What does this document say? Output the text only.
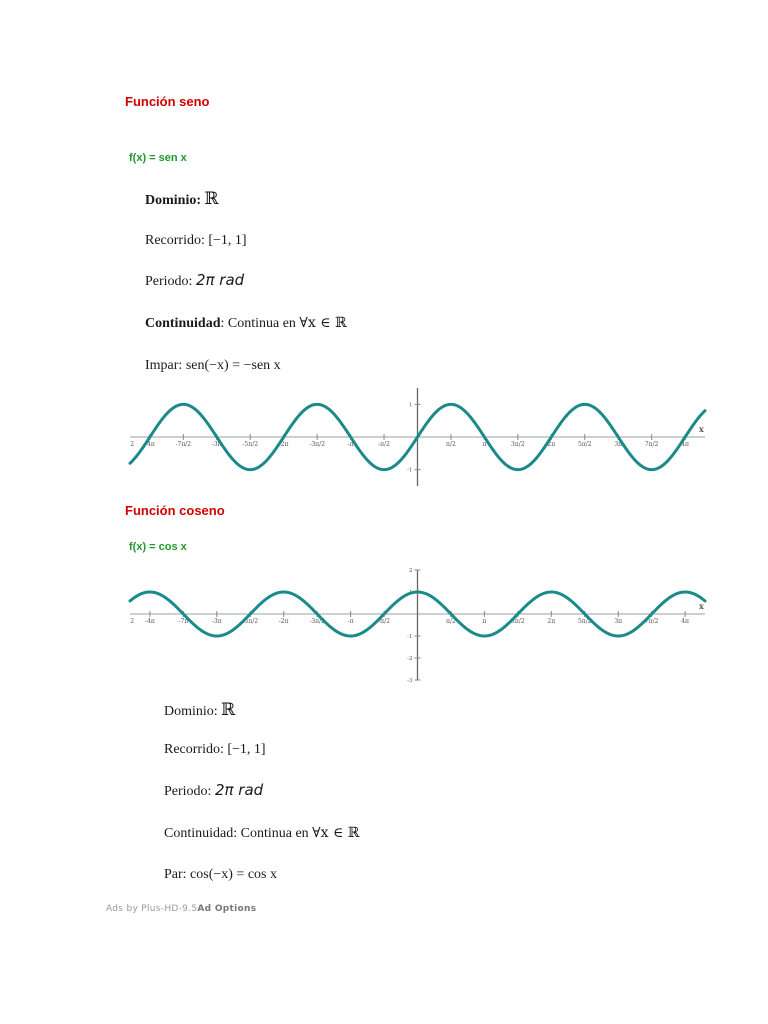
Función seno
f(x) = sen x
Dominio: ℝ
Recorrido: [−1, 1]
Periodo: 2π rad
Continuidad: Continua en ∀x ∈ ℝ
Impar: sen(−x) = −sen x
2 -4π	-7π/2	-3π	-5π/2	-2π	-3π/2	-π	-π/2	π/2	π	3π/2	2π	5π/2	3π	7π/2	4π
1
-1
x
Función coseno
f(x) = cos x
2 -4π	-7π	-3π	-5π/2	-2π	-3π/2	-π	-π/2	π/2	π	3π/2	2π	5π/2	3π	7π/2	4π
2
1
-1
-2
-3
x
Dominio: ℝ
Recorrido: [−1, 1]
Periodo: 2π rad
Continuidad: Continua en ∀x ∈ ℝ
Par: cos(−x) = cos x
Ads by Plus-HD-9.5Ad Options
